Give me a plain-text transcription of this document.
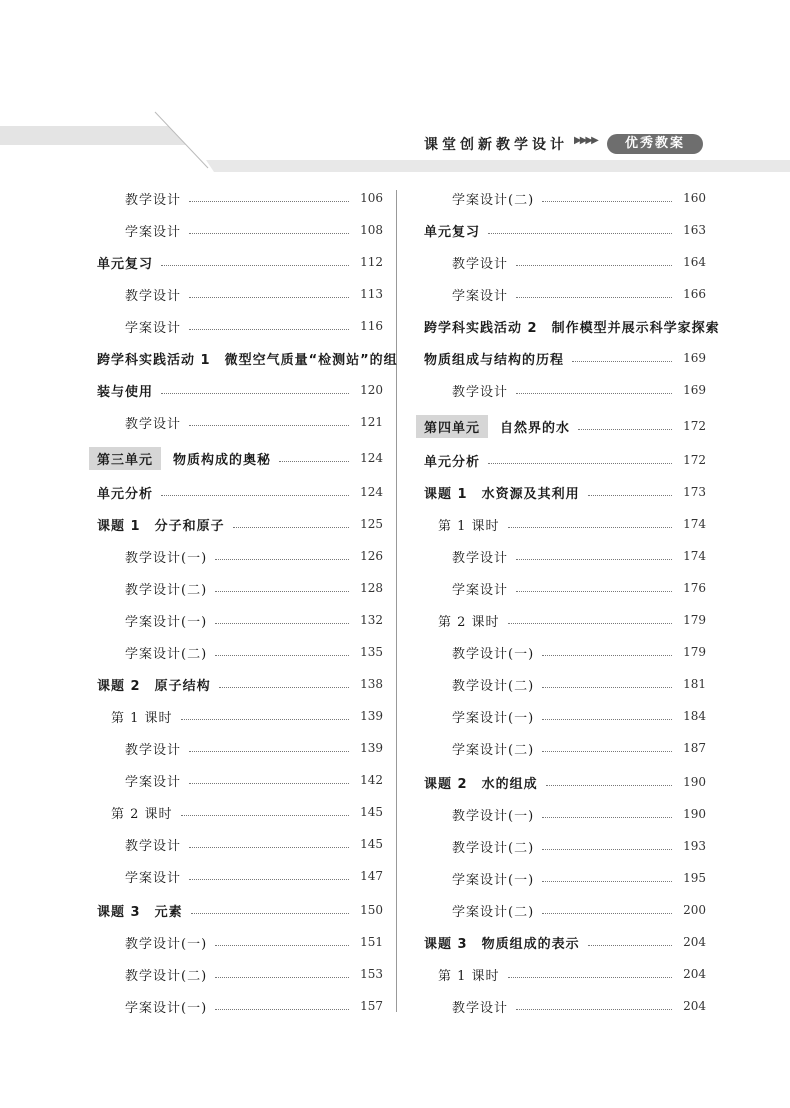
课堂创新教学设计 ▶▶▶▶	优秀教案
教学设计	106
学案设计	108
单元复习	112
教学设计	113
学案设计	116
跨学科实践活动 1　微型空气质量“检测站”的组
装与使用	120
教学设计	121
第三单元	物质构成的奥秘	124
单元分析	124
课题 1　分子和原子	125
教学设计(一)	126
教学设计(二)	128
学案设计(一)	132
学案设计(二)	135
课题 2　原子结构	138
第 1 课时	139
教学设计	139
学案设计	142
第 2 课时	145
教学设计	145
学案设计	147
课题 3　元素	150
教学设计(一)	151
教学设计(二)	153
学案设计(一)	157
学案设计(二)	160
单元复习	163
教学设计	164
学案设计	166
跨学科实践活动 2　制作模型并展示科学家探索
物质组成与结构的历程	169
教学设计	169
第四单元	自然界的水	172
单元分析	172
课题 1　水资源及其利用	173
第 1 课时	174
教学设计	174
学案设计	176
第 2 课时	179
教学设计(一)	179
教学设计(二)	181
学案设计(一)	184
学案设计(二)	187
课题 2　水的组成	190
教学设计(一)	190
教学设计(二)	193
学案设计(一)	195
学案设计(二)	200
课题 3　物质组成的表示	204
第 1 课时	204
教学设计	204
